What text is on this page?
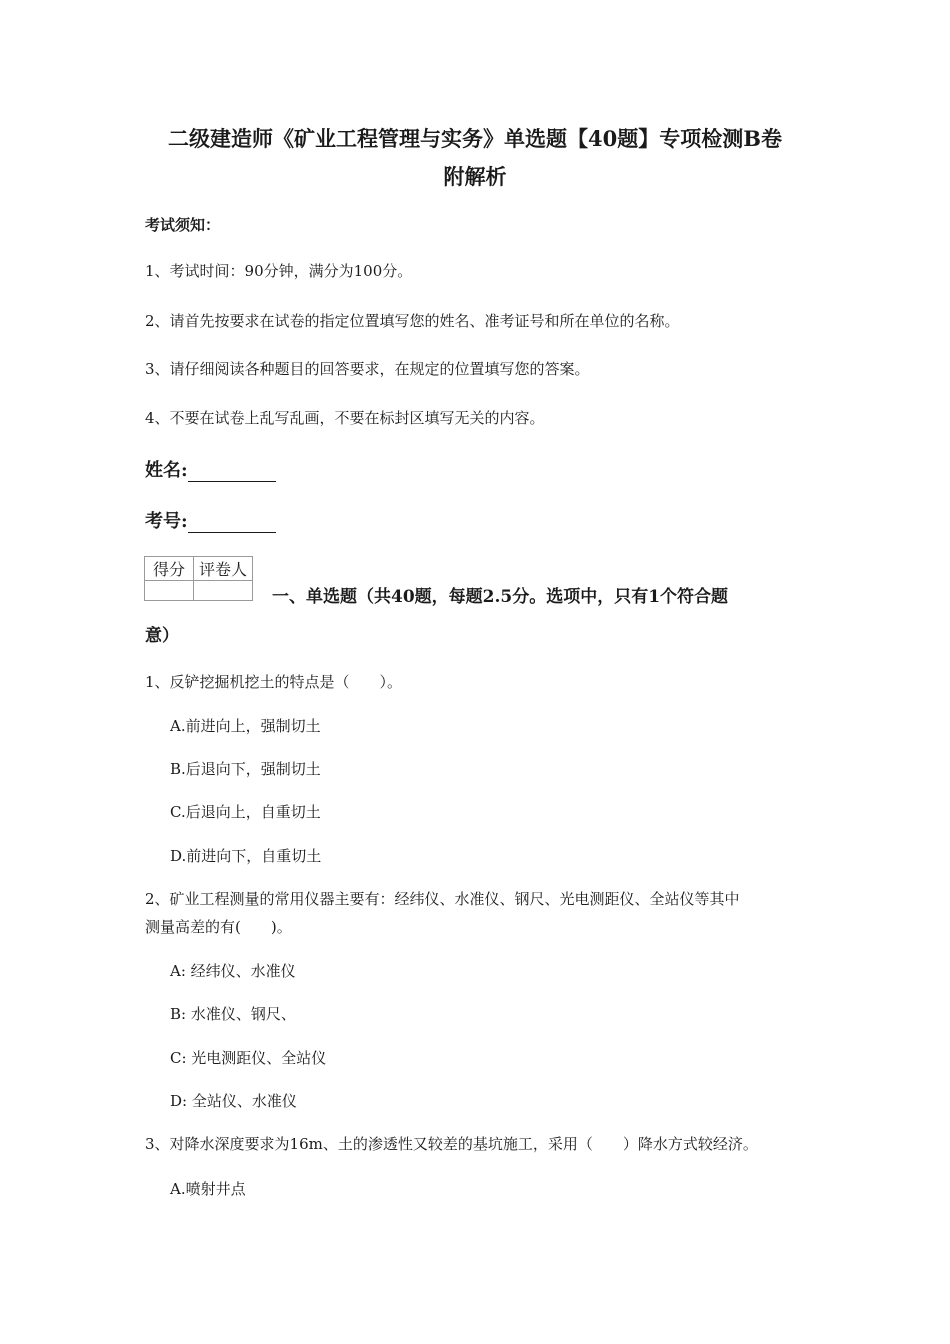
二级建造师《矿业工程管理与实务》单选题【40题】专项检测B卷
附解析
考试须知：
1、考试时间：90分钟，满分为100分。
2、请首先按要求在试卷的指定位置填写您的姓名、准考证号和所在单位的名称。
3、请仔细阅读各种题目的回答要求，在规定的位置填写您的答案。
4、不要在试卷上乱写乱画，不要在标封区填写无关的内容。
姓名:
考号:
得分	评卷人

一、单选题（共40题，每题2.5分。选项中，只有1个符合题
意）
1、反铲挖掘机挖土的特点是（　　）。
A.前进向上，强制切土
B.后退向下，强制切土
C.后退向上，自重切土
D.前进向下，自重切土
2、矿业工程测量的常用仪器主要有：经纬仪、水准仪、钢尺、光电测距仪、全站仪等其中
测量高差的有(　　)。
A: 经纬仪、水准仪
B: 水准仪、钢尺、
C: 光电测距仪、全站仪
D: 全站仪、水准仪
3、对降水深度要求为16m、土的渗透性又较差的基坑施工，采用（　　）降水方式较经济。
A.喷射井点
